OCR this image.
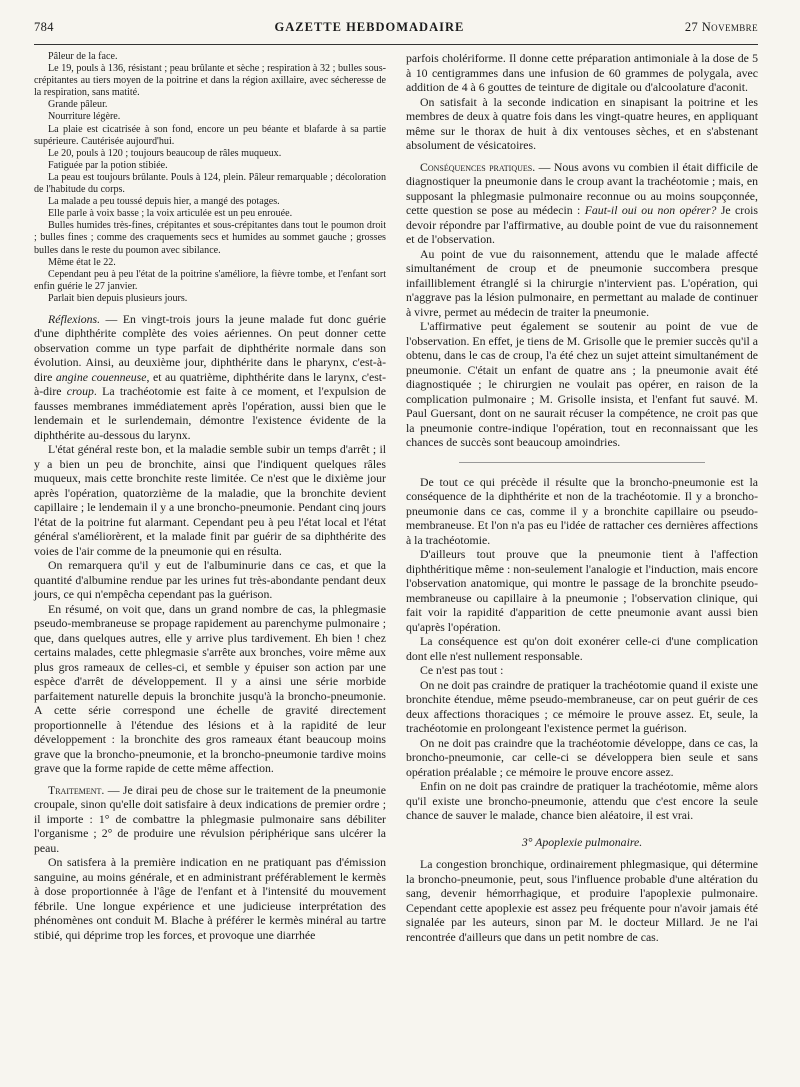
784	GAZETTE HEBDOMADAIRE	27 Novembre

Pâleur de la face.

Le 19, pouls à 136, résistant ; peau brûlante et sèche ; respiration à 32 ; bulles sous-crépitantes au tiers moyen de la poitrine et dans la région axillaire, avec sécheresse de la respiration, sans matité.

Grande pâleur.

Nourriture légère.

La plaie est cicatrisée à son fond, encore un peu béante et blafarde à sa partie supérieure. Cautérisée aujourd'hui.

Le 20, pouls à 120 ; toujours beaucoup de râles muqueux.

Fatiguée par la potion stibiée.

La peau est toujours brûlante. Pouls à 124, plein. Pâleur remarquable ; décoloration de l'habitude du corps.

La malade a peu toussé depuis hier, a mangé des potages.

Elle parle à voix basse ; la voix articulée est un peu enrouée.

Bulles humides très-fines, crépitantes et sous-crépitantes dans tout le poumon droit ; bulles fines ; comme des craquements secs et humides au sommet gauche ; grosses bulles dans le reste du poumon avec sibilance.

Même état le 22.

Cependant peu à peu l'état de la poitrine s'améliore, la fièvre tombe, et l'enfant sort enfin guérie le 27 janvier.

Parlait bien depuis plusieurs jours.

Réflexions. — En vingt-trois jours la jeune malade fut donc guérie d'une diphthérite complète des voies aériennes. On peut donner cette observation comme un type parfait de diphthérite normale dans son évolution. Ainsi, au deuxième jour, diphthérite dans le pharynx, c'est-à-dire angine couenneuse, et au quatrième, diphthérite dans le larynx, c'est-à-dire croup. La trachéotomie est faite à ce moment, et l'expulsion de fausses membranes immédiatement après l'opération, aussi bien que le lendemain et le surlendemain, démontre l'existence évidente de la diphthérite au-dessous du larynx.

L'état général reste bon, et la maladie semble subir un temps d'arrêt ; il y a bien un peu de bronchite, ainsi que l'indiquent quelques râles muqueux, mais cette bronchite reste limitée. Ce n'est que le dixième jour après l'opération, quatorzième de la maladie, que la bronchite devient capillaire ; le lendemain il y a une broncho-pneumonie. Pendant cinq jours l'état de la poitrine fut alarmant. Cependant peu à peu l'état local et l'état général s'améliorèrent, et la malade finit par guérir de sa diphthérite des voies de l'air comme de la pneumonie qui en résulta.

On remarquera qu'il y eut de l'albuminurie dans ce cas, et que la quantité d'albumine rendue par les urines fut très-abondante pendant deux jours, ce qui n'empêcha cependant pas la guérison.

En résumé, on voit que, dans un grand nombre de cas, la phlegmasie pseudo-membraneuse se propage rapidement au parenchyme pulmonaire ; que, dans quelques autres, elle y arrive plus tardivement. Eh bien ! chez certains malades, cette phlegmasie s'arrête aux bronches, voire même aux plus gros rameaux de celles-ci, et semble y épuiser son action par une espèce d'arrêt de développement. Il y a ainsi une série morbide parfaitement naturelle depuis la bronchite jusqu'à la broncho-pneumonie. A cette série correspond une échelle de gravité directement proportionnelle à l'étendue des lésions et à la rapidité de leur développement : la bronchite des gros rameaux étant beaucoup moins grave que la broncho-pneumonie, et la broncho-pneumonie tardive moins grave que la forme rapide de cette même affection.

Traitement. — Je dirai peu de chose sur le traitement de la pneumonie croupale, sinon qu'elle doit satisfaire à deux indications de premier ordre ; il importe : 1° de combattre la phlegmasie pulmonaire sans débiliter l'organisme ; 2° de produire une révulsion périphérique sans ulcérer la peau.

On satisfera à la première indication en ne pratiquant pas d'émission sanguine, au moins générale, et en administrant préférablement le kermès à dose proportionnée à l'âge de l'enfant et à l'intensité du mouvement fébrile. Une longue expérience et une judicieuse interprétation des phénomènes ont conduit M. Blache à préférer le kermès minéral au tartre stibié, qui déprime trop les forces, et provoque une diarrhée

parfois cholériforme. Il donne cette préparation antimoniale à la dose de 5 à 10 centigrammes dans une infusion de 60 grammes de polygala, avec addition de 4 à 6 gouttes de teinture de digitale ou d'alcoolature d'aconit.

On satisfait à la seconde indication en sinapisant la poitrine et les membres de deux à quatre fois dans les vingt-quatre heures, en appliquant même sur le thorax de huit à dix ventouses sèches, et en s'abstenant absolument de vésicatoires.

Conséquences pratiques. — Nous avons vu combien il était difficile de diagnostiquer la pneumonie dans le croup avant la trachéotomie ; mais, en supposant la phlegmasie pulmonaire reconnue ou au moins soupçonnée, cette question se pose au médecin : Faut-il oui ou non opérer? Je crois devoir répondre par l'affirmative, au double point de vue du raisonnement et de l'observation.

Au point de vue du raisonnement, attendu que le malade affecté simultanément de croup et de pneumonie succombera presque infailliblement étranglé si la chirurgie n'intervient pas. L'opération, qui n'aggrave pas la lésion pulmonaire, en permettant au malade de continuer à vivre, permet au médecin de traiter la pneumonie.

L'affirmative peut également se soutenir au point de vue de l'observation. En effet, je tiens de M. Grisolle que le premier succès qu'il a obtenu, dans le cas de croup, l'a été chez un sujet atteint simultanément de pneumonie. C'était un enfant de quatre ans ; la pneumonie avait été diagnostiquée ; le chirurgien ne voulait pas opérer, en raison de la complication pulmonaire ; M. Grisolle insista, et l'enfant fut sauvé. M. Paul Guersant, dont on ne saurait récuser la compétence, ne croit pas que la pneumonie contre-indique l'opération, tout en reconnaissant que les chances de succès sont beaucoup amoindries.

De tout ce qui précède il résulte que la broncho-pneumonie est la conséquence de la diphthérite et non de la trachéotomie. Il y a broncho-pneumonie dans ce cas, comme il y a bronchite capillaire ou pseudo-membraneuse. Et l'on n'a pas eu l'idée de rattacher ces dernières affections à la trachéotomie.

D'ailleurs tout prouve que la pneumonie tient à l'affection diphthéritique même : non-seulement l'analogie et l'induction, mais encore l'observation anatomique, qui montre le passage de la bronchite pseudo-membraneuse ou capillaire à la pneumonie ; l'observation clinique, qui fait voir la rapidité d'apparition de cette pneumonie avant aussi bien qu'après l'opération.

La conséquence est qu'on doit exonérer celle-ci d'une complication dont elle n'est nullement responsable.

Ce n'est pas tout :

On ne doit pas craindre de pratiquer la trachéotomie quand il existe une bronchite étendue, même pseudo-membraneuse, car on peut guérir de ces deux affections thoraciques ; ce mémoire le prouve assez. Et, seule, la trachéotomie en prolongeant l'existence permet la guérison.

On ne doit pas craindre que la trachéotomie développe, dans ce cas, la broncho-pneumonie, car celle-ci se développera bien seule et sans opération préalable ; ce mémoire le prouve encore assez.

Enfin on ne doit pas craindre de pratiquer la trachéotomie, même alors qu'il existe une broncho-pneumonie, attendu que c'est encore la seule chance de sauver le malade, chance bien aléatoire, il est vrai.

3° Apoplexie pulmonaire.

La congestion bronchique, ordinairement phlegmasique, qui détermine la broncho-pneumonie, peut, sous l'influence probable d'une altération du sang, devenir hémorrhagique, et produire l'apoplexie pulmonaire. Cependant cette apoplexie est assez peu fréquente pour n'avoir jamais été signalée par les auteurs, sinon par M. le docteur Millard. Je ne l'ai rencontrée d'ailleurs que dans un petit nombre de cas.
